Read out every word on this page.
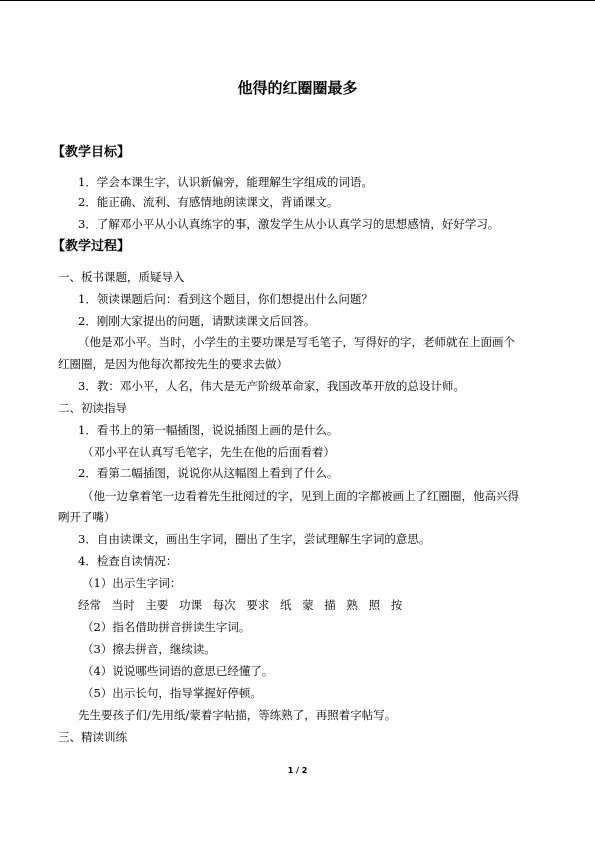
他得的红圈圈最多
【教学目标】
1．学会本课生字，认识新偏旁，能理解生字组成的词语。
2．能正确、流利、有感情地朗读课文，背诵课文。
3．了解邓小平从小认真练字的事，激发学生从小认真学习的思想感情，好好学习。
【教学过程】
一、板书课题，质疑导入
1．领读课题后问：看到这个题目，你们想提出什么问题？
2．刚刚大家提出的问题，请默读课文后回答。
（他是邓小平。当时，小学生的主要功课是写毛笔子，写得好的字，老师就在上面画个
红圈圈，是因为他每次都按先生的要求去做）
3．教：邓小平，人名，伟大是无产阶级革命家，我国改革开放的总设计师。
二、初读指导
1．看书上的第一幅插图，说说插图上画的是什么。
（邓小平在认真写毛笔字，先生在他的后面看着）
2．看第二幅插图，说说你从这幅图上看到了什么。
（他一边拿着笔一边看着先生批阅过的字，见到上面的字都被画上了红圈圈，他高兴得
咧开了嘴）
3．自由读课文，画出生字词，圈出了生字，尝试理解生字词的意思。
4．检查自读情况：
（1）出示生字词：
经常 当时 主要 功课 每次 要求 纸 蒙 描 熟 照 按
（2）指名借助拼音拼读生字词。
（3）擦去拼音，继续读。
（4）说说哪些词语的意思已经懂了。
（5）出示长句，指导掌握好停顿。
先生要孩子们/先用纸/蒙着字帖描，等练熟了，再照着字帖写。
三、精读训练
1 / 2
